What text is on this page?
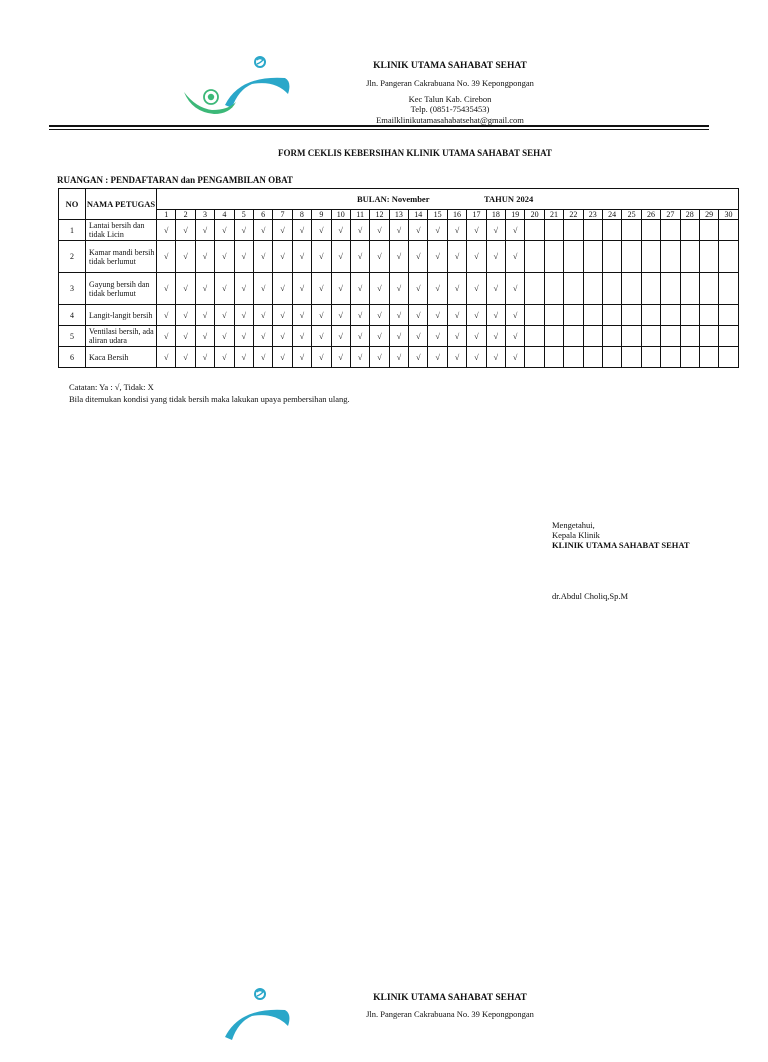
KLINIK UTAMA SAHABAT SEHAT
Jln. Pangeran Cakrabuana No. 39 Kepongpongan
Kec Talun Kab. Cirebon
Telp. (0851-75435453)
Emailklinikutamasahabatsehat@gmail.com
FORM CEKLIS KEBERSIHAN KLINIK UTAMA SAHABAT SEHAT
RUANGAN : PENDAFTARAN dan PENGAMBILAN OBAT
NO	NAMA PETUGAS	BULAN: November TAHUN 2024																													

		1	2	3	4	5	6	7	8	9	10	11	12	13	14	15	16	17	18	19	20	21	22	23	24	25	26	27	28	29	30
1	Lantai bersih dan tidak Licin	√	√	√	√	√	√	√	√	√	√	√	√	√	√	√	√	√	√	√											
2	Kamar mandi bersih tidak berlumut	√	√	√	√	√	√	√	√	√	√	√	√	√	√	√	√	√	√	√											
3	Gayung bersih dan tidak berlumut	√	√	√	√	√	√	√	√	√	√	√	√	√	√	√	√	√	√	√											
4	Langit-langit bersih	√	√	√	√	√	√	√	√	√	√	√	√	√	√	√	√	√	√	√											
5	Ventilasi bersih, ada aliran udara	√	√	√	√	√	√	√	√	√	√	√	√	√	√	√	√	√	√	√											
6	Kaca Bersih	√	√	√	√	√	√	√	√	√	√	√	√	√	√	√	√	√	√	√											
Catatan: Ya : √, Tidak: X
Bila ditemukan kondisi yang tidak bersih maka lakukan upaya pembersihan ulang.
Mengetahui,
Kepala Klinik
KLINIK UTAMA SAHABAT SEHAT
dr.Abdul Choliq,Sp.M
KLINIK UTAMA SAHABAT SEHAT
Jln. Pangeran Cakrabuana No. 39 Kepongpongan
